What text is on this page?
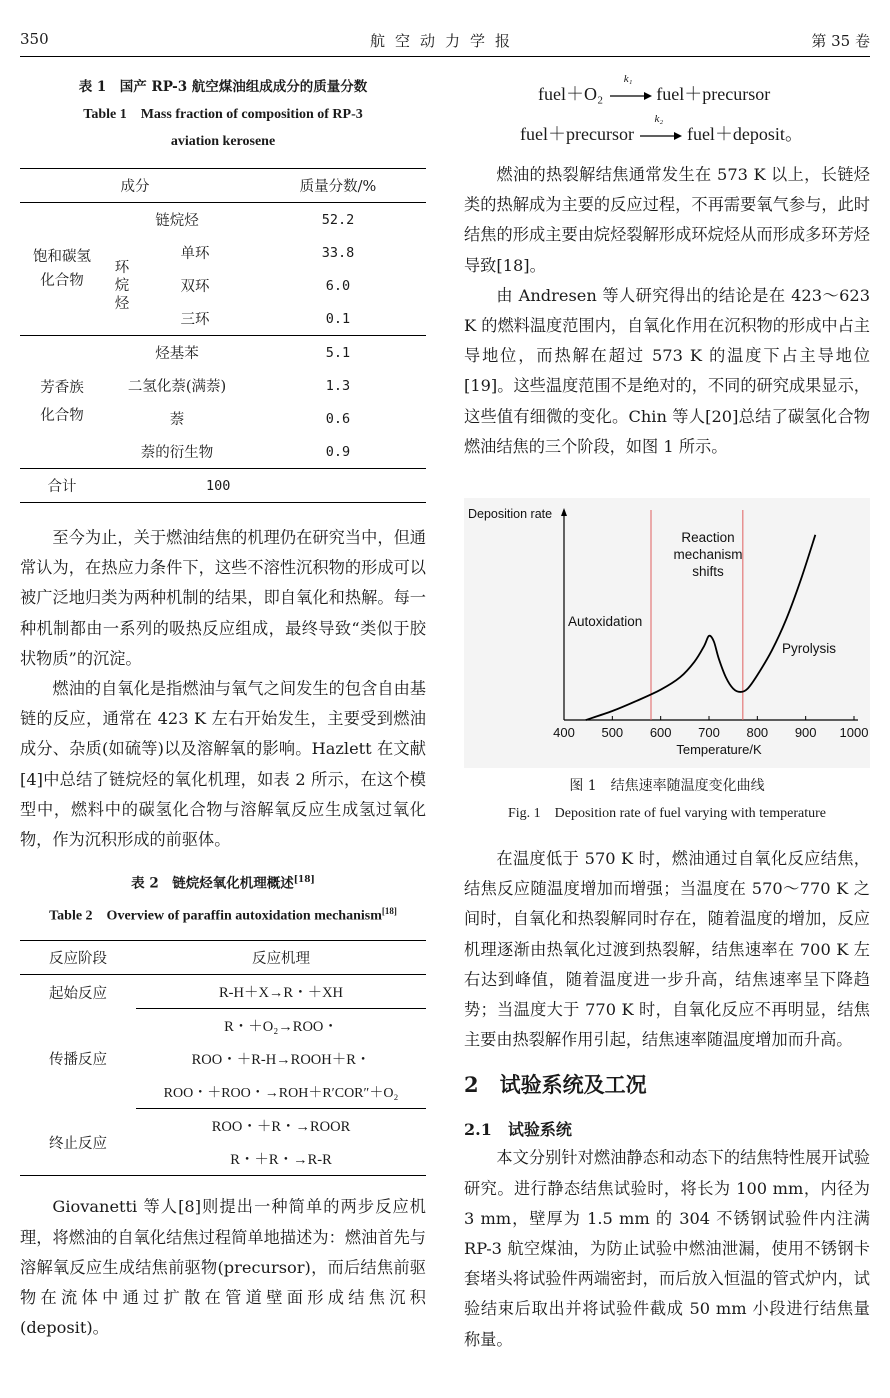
350	航空动力学报	第 35 卷
表 1　国产 RP-3 航空煤油组成成分的质量分数
Table 1　Mass fraction of composition of RP-3
aviation kerosene
成分			质量分数/%
饱和碳氢
化合物	链烷烃		52.2
	环
烷
烃	单环	33.8
		双环	6.0
		三环	0.1
芳香族
化合物	烃基苯		5.1
	二氢化萘(满萘)		1.3
	萘		0.6
	萘的衍生物		0.9
合计	100		

至今为止，关于燃油结焦的机理仍在研究当中，但通常认为，在热应力条件下，这些不溶性沉积物的形成可以被广泛地归类为两种机制的结果，即自氧化和热解。每一种机制都由一系列的吸热反应组成，最终导致“类似于胶状物质”的沉淀。

燃油的自氧化是指燃油与氧气之间发生的包含自由基链的反应，通常在 423 K 左右开始发生，主要受到燃油成分、杂质(如硫等)以及溶解氧的影响。Hazlett 在文献[4]中总结了链烷烃的氧化机理，如表 2 所示，在这个模型中，燃料中的碳氢化合物与溶解氧反应生成氢过氧化物，作为沉积形成的前驱体。

表 2　链烷烃氧化机理概述[18]
Table 2　Overview of paraffin autoxidation mechanism[18]
反应阶段	反应机理
起始反应	R-H＋X→R・＋XH
传播反应	R・＋O₂→ROO・
	ROO・＋R-H→ROOH＋R・
	ROO・＋ROO・→ROH＋R′COR″＋O₂
终止反应	ROO・＋R・→ROOR
	R・＋R・→R-R

Giovanetti 等人[8]则提出一种简单的两步反应机理，将燃油的自氧化结焦过程简单地描述为：燃油首先与溶解氧反应生成结焦前驱物(precursor)，而后结焦前驱物在流体中通过扩散在管道壁面形成结焦沉积(deposit)。

fuel＋O₂
k₁
fuel＋precursor
fuel＋precursor
k₂
fuel＋deposit。

燃油的热裂解结焦通常发生在 573 K 以上，长链烃类的热解成为主要的反应过程，不再需要氧气参与，此时结焦的形成主要由烷烃裂解形成环烷烃从而形成多环芳烃导致[18]。

由 Andresen 等人研究得出的结论是在 423～623 K 的燃料温度范围内，自氧化作用在沉积物的形成中占主导地位，而热解在超过 573 K 的温度下占主导地位[19]。这些温度范围不是绝对的，不同的研究成果显示，这些值有细微的变化。Chin 等人[20]总结了碳氢化合物燃油结焦的三个阶段，如图 1 所示。

400 500 600 700 800 900 1000
Deposition rate
Temperature/K
Autoxidation
Reaction
mechanism
shifts
Pyrolysis
图 1　结焦速率随温度变化曲线
Fig. 1　Deposition rate of fuel varying with temperature

在温度低于 570 K 时，燃油通过自氧化反应结焦，结焦反应随温度增加而增强；当温度在 570～770 K 之间时，自氧化和热裂解同时存在，随着温度的增加，反应机理逐渐由热氧化过渡到热裂解，结焦速率在 700 K 左右达到峰值，随着温度进一步升高，结焦速率呈下降趋势；当温度大于 770 K 时，自氧化反应不再明显，结焦主要由热裂解作用引起，结焦速率随温度增加而升高。

2　试验系统及工况
2.1　试验系统

本文分别针对燃油静态和动态下的结焦特性展开试验研究。进行静态结焦试验时，将长为 100 mm，内径为 3 mm，壁厚为 1.5 mm 的 304 不锈钢试验件内注满 RP-3 航空煤油，为防止试验中燃油泄漏，使用不锈钢卡套堵头将试验件两端密封，而后放入恒温的管式炉内，试验结束后取出并将试验件截成 50 mm 小段进行结焦量称量。
